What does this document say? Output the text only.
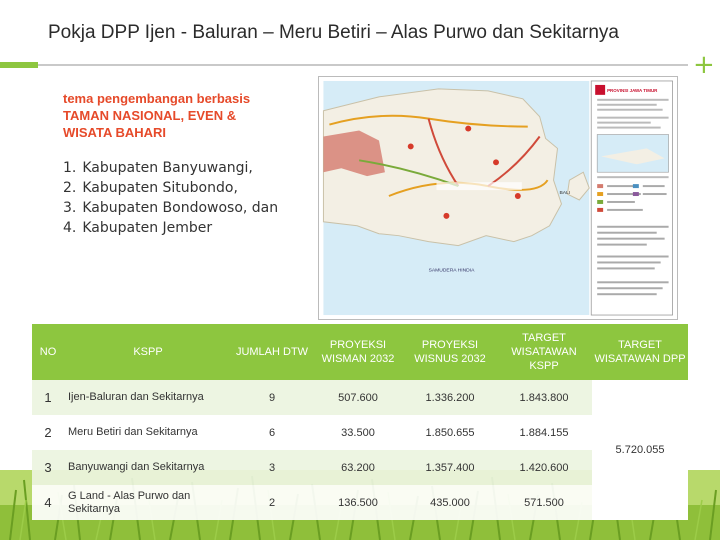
Pokja DPP Ijen - Baluran – Meru Betiri – Alas Purwo dan Sekitarnya
+
tema pengembangan berbasis
TAMAN NASIONAL, EVEN &
WISATA BAHARI
1. Kabupaten Banyuwangi,
2. Kabupaten Situbondo,
3. Kabupaten Bondowoso, dan
4. Kabupaten Jember
BALI
SAMUDERA HINDIA
PROVINSI JAWA TIMUR
NO	KSPP	JUMLAH DTW	PROYEKSI WISMAN 2032	PROYEKSI WISNUS 2032	TARGET WISATAWAN KSPP	TARGET WISATAWAN DPP
1	Ijen-Baluran dan Sekitarnya	9	507.600	1.336.200	1.843.800	5.720.055
2	Meru Betiri dan Sekitarnya	6	33.500	1.850.655	1.884.155	
3	Banyuwangi dan Sekitarnya	3	63.200	1.357.400	1.420.600	
4	G Land - Alas Purwo dan Sekitarnya	2	136.500	435.000	571.500	
